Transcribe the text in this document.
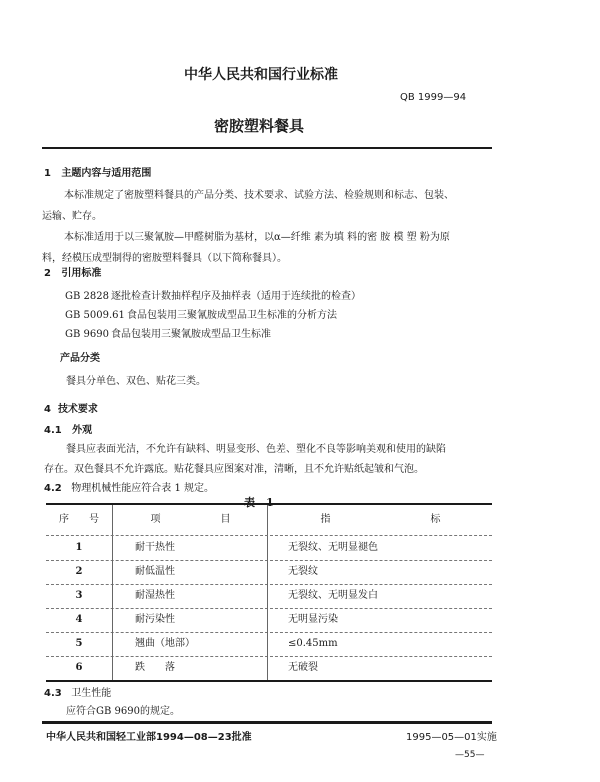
中华人民共和国行业标准
QB 1999—94
密胺塑料餐具
1 主题内容与适用范围
本标准规定了密胺塑料餐具的产品分类、技术要求、试验方法、检验规则和标志、包装、
运输、贮存。
本标准适用于以三聚氰胺—甲醛树脂为基材，以α—纤维 素为填 料的密 胺 模 塑 粉为原
料，经模压成型制得的密胺塑料餐具（以下简称餐具）。
2 引用标准
GB 2828 逐批检查计数抽样程序及抽样表（适用于连续批的检查）
GB 5009.61 食品包装用三聚氰胺成型品卫生标准的分析方法
GB 9690 食品包装用三聚氰胺成型品卫生标准
产品分类
餐具分单色、双色、贴花三类。
4 技术要求
4.1 外观
餐具应表面光洁，不允许有缺料、明显变形、色差、塑化不良等影响美观和使用的缺陷
存在。双色餐具不允许露底。贴花餐具应图案对准，清晰，且不允许贴纸起皱和气泡。
4.2 物理机械性能应符合表 1 规定。
序　　号	项　　　　　　目	指　　　　　　　　　　标
1	耐干热性	无裂纹、无明显褪色
2	耐低温性	无裂纹
3	耐湿热性	无裂纹、无明显发白
4	耐污染性	无明显污染
5	翘曲（地部）	≤0.45mm
6	跌　　落	无破裂
4.3 卫生性能
应符合GB 9690的规定。
中华人民共和国轻工业部1994—08—23批准	1995—05—01实施
—55—
